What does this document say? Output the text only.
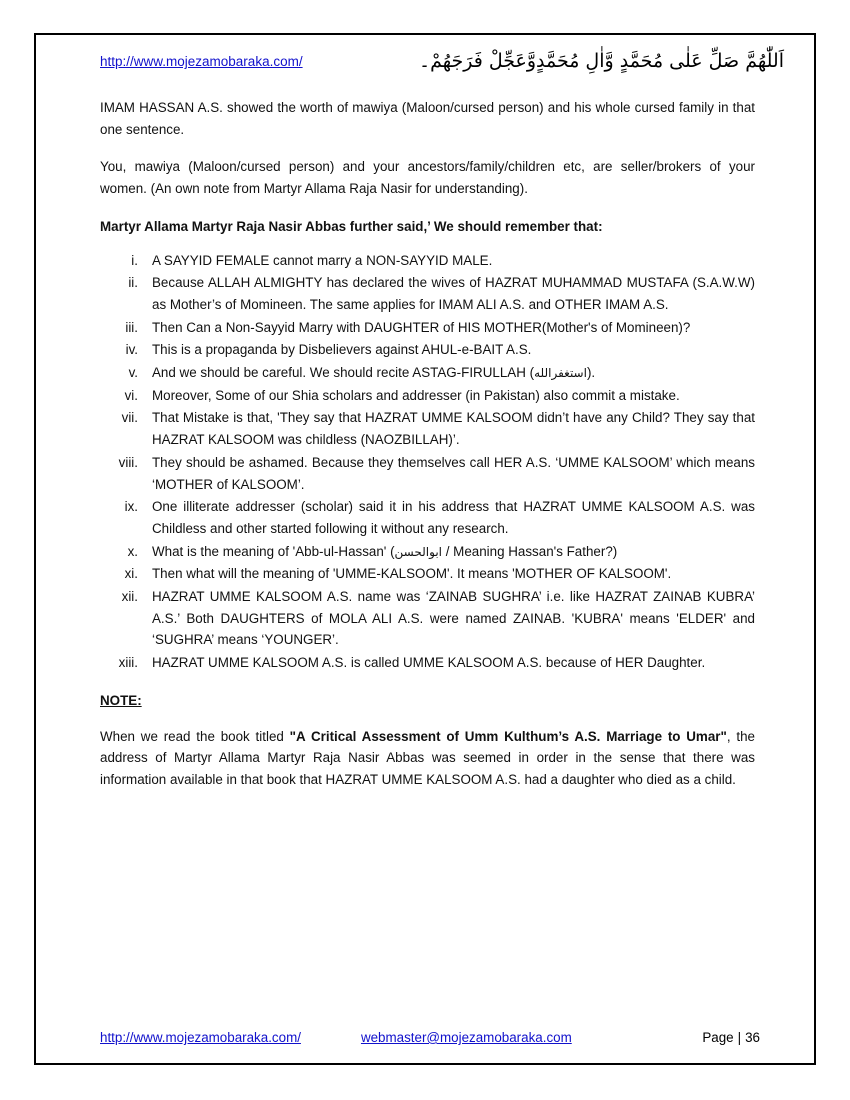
http://www.mojezamobaraka.com/	اَللّٰهُمَّ صَلِّ عَلٰى مُحَمَّدٍ وَّاٰلِ مُحَمَّدٍوَّعَجِّلْ فَرَجَهُمْ۔

IMAM HASSAN A.S. showed the worth of mawiya (Maloon/cursed person) and his whole cursed family in that one sentence.

You, mawiya (Maloon/cursed person) and your ancestors/family/children etc, are seller/brokers of your women. (An own note from Martyr Allama Raja Nasir for understanding).

Martyr Allama Martyr Raja Nasir Abbas further said,’ We should remember that:

i.	A SAYYID FEMALE cannot marry a NON-SAYYID MALE.
ii.	Because ALLAH ALMIGHTY has declared the wives of HAZRAT MUHAMMAD MUSTAFA (S.A.W.W) as Mother’s of Momineen. The same applies for IMAM ALI A.S. and OTHER IMAM A.S.
iii.	Then Can a Non-Sayyid Marry with DAUGHTER of HIS MOTHER(Mother's of Momineen)?
iv.	This is a propaganda by Disbelievers against AHUL-e-BAIT A.S.
v.	And we should be careful. We should recite ASTAG-FIRULLAH (استغفرالله).
vi.	Moreover, Some of our Shia scholars and addresser (in Pakistan) also commit a mistake.
vii.	That Mistake is that, 'They say that HAZRAT UMME KALSOOM didn’t have any Child? They say that HAZRAT KALSOOM was childless (NAOZBILLAH)’.
viii.	They should be ashamed. Because they themselves call HER A.S. ‘UMME KALSOOM’ which means ‘MOTHER of KALSOOM’.
ix.	One illiterate addresser (scholar) said it in his address that HAZRAT UMME KALSOOM A.S. was Childless and other started following it without any research.
x.	What is the meaning of 'Abb-ul-Hassan' (ابوالحسن / Meaning Hassan's Father?)
xi.	Then what will the meaning of 'UMME-KALSOOM'. It means 'MOTHER OF KALSOOM'.
xii.	HAZRAT UMME KALSOOM A.S. name was ‘ZAINAB SUGHRA’ i.e. like HAZRAT ZAINAB KUBRA’ A.S.’ Both DAUGHTERS of MOLA ALI A.S. were named ZAINAB. 'KUBRA' means 'ELDER' and ‘SUGHRA’ means ‘YOUNGER’.
xiii.	HAZRAT UMME KALSOOM A.S. is called UMME KALSOOM A.S. because of HER Daughter.
NOTE:

When we read the book titled "A Critical Assessment of Umm Kulthum’s A.S. Marriage to Umar", the address of Martyr Allama Martyr Raja Nasir Abbas was seemed in order in the sense that there was information available in that book that HAZRAT UMME KALSOOM A.S. had a daughter who died as a child.

http://www.mojezamobaraka.com/	webmaster@mojezamobaraka.com	Page | 36
